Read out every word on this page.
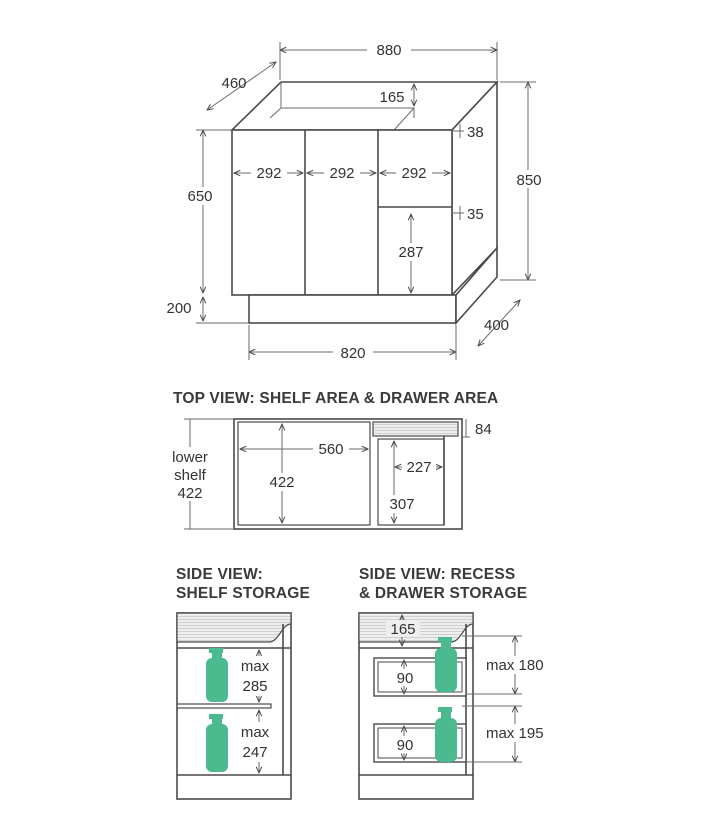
880
460
165
850
38
292	292	292
650
35
287
200
400
820
TOP VIEW: SHELF AREA & DRAWER AREA
560
422
lower
shelf
422
84
227
307
SIDE VIEW:
SHELF STORAGE
max
285
max
247
SIDE VIEW: RECESS
& DRAWER STORAGE
165
90
90
max 180
max 195
